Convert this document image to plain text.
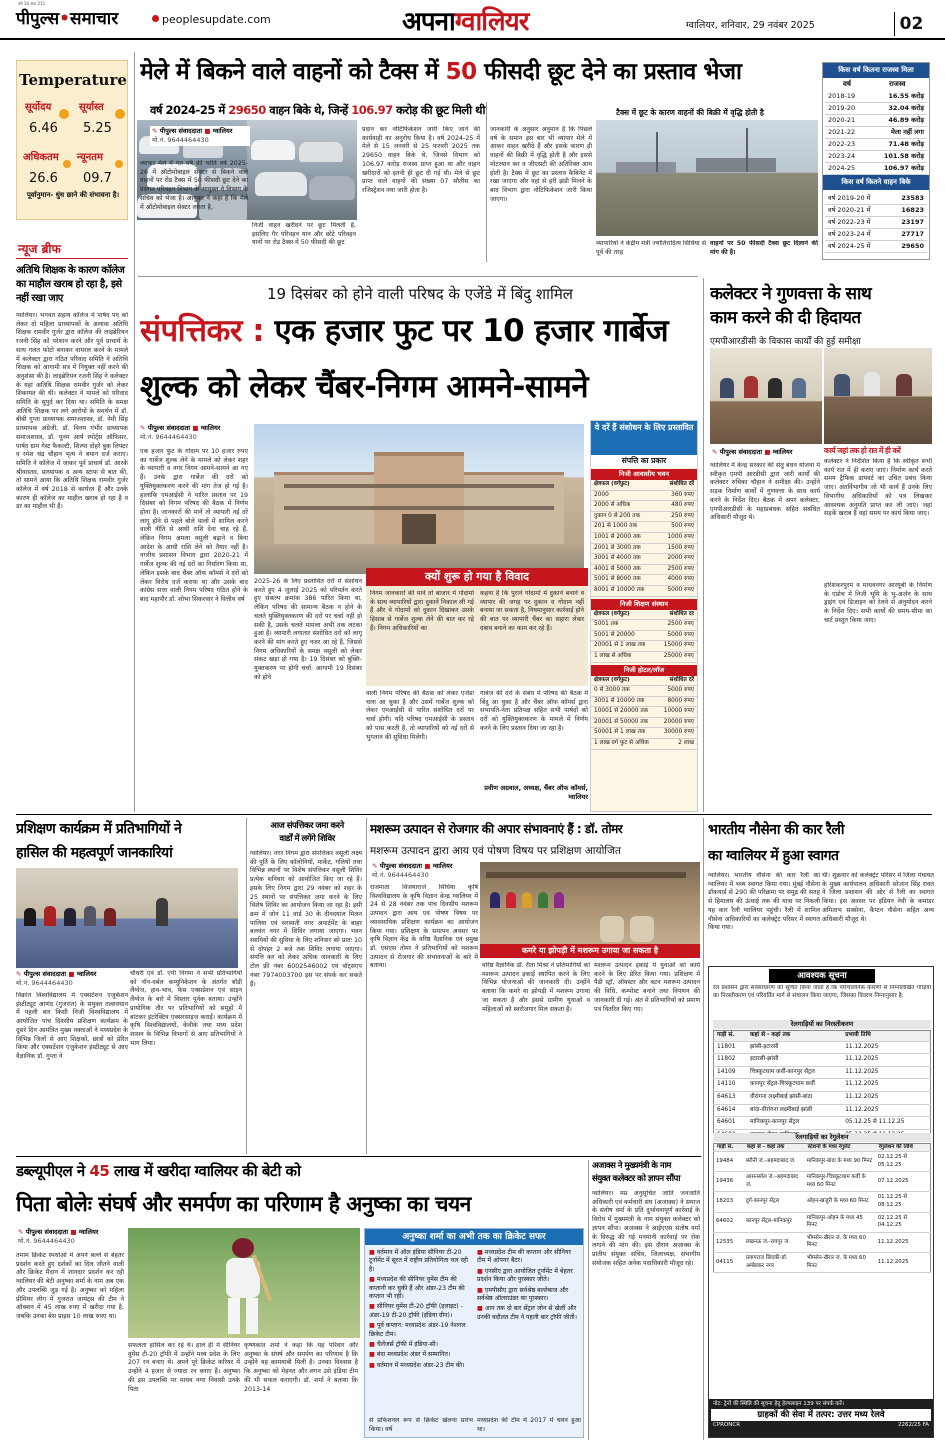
वर्ष 18 अंक 211
पीपुल्स•समाचार	peoplesupdate.com	अपनाग्वालियर	ग्वालियर, शनिवार, 29 नवंबर 2025	02
Temperature
सूर्योदय	सूर्यास्त
6.46 5.25
अधिकतम न्यूनतम
26.6 09.7
पूर्वानुमान- धुंध छाने की संभावना है।
न्यूज ब्रीफ
अतिथि शिक्षक के कारण कॉलेज का माहौल खराब हो रहा है, इसे नहीं रखा जाए
ग्वालियर। भगवत सहाय कॉलेज में पार्षद पद को लेकर दो महिला प्राध्यापकों के अलावा अतिथि शिक्षक रामवीर गुर्जर द्वारा कॉलेज की लाइब्रेरियन रजनी सिंह को परेशान करने और पूर्व प्राचार्य के साथ गलत फोटो बनाकर वायरल करने के मामले में कलेक्टर द्वारा गठित परिवाद समिति ने अतिथि शिक्षक को आगामी सत्र में नियुक्त नहीं करने की अनुशंसा की है। लाइब्रेरियन रजनी सिंह ने कलेक्टर के यहां अतिथि शिक्षक रामवीर गुर्जर को लेकर शिकायत की थी। कलेक्टर ने मामले को परिवाद समिति के सुपुर्द कर दिया था। समिति के समक्ष अतिथि शिक्षक पर लगे आरोपों के समर्थन में डॉ. बीबी गुप्ता प्राध्यापक समाजशास्त्र, डॉ. नेमी सिंह प्राध्यापक अंग्रेजी, डॉ. विनय गंभीर प्राध्यापक समाजशास्त्र, डॉ. पूनम आर्य स्पोर्ट्स ऑफिसर, पार्षद ग्राम गेस्ट फैकल्टी, शिल्पा दोहरे बुक लिफ्टर व रमेश चंद्र चौहान भृत्य ने बयान दर्ज कराए। समिति ने कॉलेज में जाकर पूर्व प्राचार्य डॉ. आरके श्रीवास्तव, प्राध्यापक व अन्य स्टाफ से बात की, तो सामने आया कि अतिथि शिक्षक रामवीर गुर्जर कॉलेज में वर्ष 2018 से कार्यरत हैं और उनके कारण ही कॉलेज का माहौल खराब हो रहा है व डर का माहौल भी है।
मेले में बिकने वाले वाहनों को टैक्स में 50 फीसदी छूट देने का प्रस्ताव भेजा
वर्ष 2024-25 में 29650 वाहन बिके थे, जिन्हें 106.97 करोड़ की छूट मिली थी
✎ पीपुल्स संवाददाता ■ ग्वालियर
मो.नं. 9644464430
व्यापार मेले में गत वर्ष की भांति वर्ष 2025-26 में ऑटोमोबाइल सेक्टर से बिकने वाले वाहनों पर रोड टैक्स में 50 फीसदी छूट देने का प्रस्ताव परिवहन विभाग के आयुक्त ने विभाग के सचिव को भेजा है। आयुक्त ने कहा है कि मेले में ऑटोमोबाइल सेक्टर लगता है,
निजी वाहन खरीदने पर छूट मिलती है, इसलिए गैर परिवहन यान और छोटे परिवहन यानों पर रोड टैक्स में 50 फीसदी की छूट
प्रदान कर नोटिफिकेशन जारी किए जाने की कार्यवाही का अनुरोध किया है। वर्ष 2024-25 में मेले से 15 जनवरी से 25 फरवरी 2025 तक 29650 वाहन बिके थे, जिनसे विभाग को 106.97 करोड़ राजस्व प्राप्त हुआ था और वाहन खरीदारों को इतनी ही छूट दी गई थी। मेले से छूट प्राप्त वाले वाहनों की संख्या 07 सौतीस का रजिस्ट्रेशन नया जारी होता है।
जानकारी के अनुसार अनुमान है कि पिछले वर्ष के समान इस बार भी व्यापार मेले में आकर वाहन खरीदे हैं और इसके कारण ही वाहनों की बिक्री में वृद्धि होती है और इससे मोटरयान कर व जीएसटी की अतिरिक्त आय होती है। टैक्स में छूट का प्रस्ताव कैबिनेट में रखा जाएगा और वहां से हरी झंडी मिलने के बाद विभाग द्वारा नोटिफिकेशन जारी किया जाएगा।
टैक्स में छूट के कारण वाहनों की बिक्री में वृद्धि होती है
व्यापारियों ने केंद्रीय मंत्री ज्योतिरादित्य सिंधिया से पूर्व की तरह
वाहनों पर 50 फीसदी टैक्स छूट दिलाने की मांग की है।
किस वर्ष कितना राजस्व मिला
वर्ष	राजस्व
2018-19	16.55 करोड़
2019-20	32.04 करोड़
2020-21	46.89 करोड़
2021-22	मेला नहीं लगा
2022-23	71.48 करोड़
2023-24	101.58 करोड़
2024-25	106.97 करोड़
किस वर्ष कितने वाहन बिके
वर्ष 2019-20 में	23583
वर्ष 2020-21 में	16823
वर्ष 2022-23 में	23197
वर्ष 2023-24 में	27717
वर्ष 2024-25 में	29650
19 दिसंबर को होने वाली परिषद के एजेंडे में बिंदु शामिल
संपत्तिकर : एक हजार फुट पर 10 हजार गार्बेज
शुल्क को लेकर चैंबर-निगम आमने-सामने
✎ पीपुल्स संवाददाता ■ ग्वालियर
मो.नं. 9644464430
एक हजार फुट के गोदाम पर 10 हजार रुपए का गार्बेज शुल्क लेने के मामले को लेकर शहर के व्यापारी व नगर निगम आमने-सामने आ गए हैं। उनके द्वारा गार्बेज की दरों को युक्तियुक्तकरण करने की मांग तेज हो गई है। हालांकि एमआईसी ने पारित प्रस्ताव पर 19 दिसंबर को निगम परिषद की बैठक में निर्णय होना है। जानकारों की मानें तो व्यापारी नई दरें लागू होने से पहले बोले वालों में शामिल करने वाली नीति से आधी राशि देना चाह रहे हैं, लेकिन निगम अमला वसूली बढ़ाने व बिना आदेश के आधी राशि लेने को तैयार नहीं है। नगरीय प्रशासन विभाग द्वारा 2020-21 में गार्बेज शुल्क की नई दरों का निर्धारण किया था, लेकिन इसके बाद चैंबर ऑफ कॉमर्स ने दरों को लेकर विरोध दर्ज कराया था और उसके बाद कांग्रेस सत्ता वाली निगम परिषद गठित होने के बाद महापौर डॉ. शोभा सिकरवार ने वित्तीय वर्ष
2025-26 के लिए प्रस्तावित दरों में संशोधन करते हुए 4 जुलाई 2025 को परिवर्तन करते हुए संकल्प क्रमांक 386 पारित किया था, लेकिन परिषद की सामान्य बैठक न होने के चलते युक्तियुक्तकरण की दरों पर चर्चा नहीं हो सकी है, उसके चलते मामला अभी तक लटका हुआ है। व्यापारी लगातार संशोधित दरों को लागू करने की मांग करते हुए नजर आ रहे हैं, जिससे निगम अधिकारियों के समक्ष वसूली को लेकर संकट खड़ा हो गया है। 19 दिसंबर को बुक्ति-युक्तकरण पर होगी चर्चा: आगामी 19 दिसंबर को होने
क्यों शुरू हो गया है विवाद
निगम जानकारों की मानें तो बाजार में गोदामों के साथ व्यापारियों द्वारा दुकानें निकाल ली गई हैं और वे गोदामों को दुकान दिखाकर उसके हिसाब से गार्बेज शुल्क लेने की बात कर रहे हैं। निगम अधिकारियों का
कहना है कि पुराने गोदामों में दुकानें बनाने व व्यापार की जगह पर दुकान व गोदाम नहीं बनाया जा सकता है, नियमानुसार कार्रवाई होने की बात पर व्यापारी चैंबर का सहारा लेकर दबाव बनाने का काम कर रहे हैं।
वाली निगम परिषद की बैठक को लेकर एजेंडा चला आ चुका है और उसमें गार्बेज शुल्क को लेकर एमआईसी से पारित संशोधित दरों पर चर्चा होगी। यदि परिषद एमआईसी के प्रस्ताव को पास करती है, तो व्यापारियों को नई दरों से भुगतान की सुविधा मिलेगी।
गार्बेज की दरों के संबंध में परिषद की बैठक में बिंदु आ चुका है और चैंबर ऑफ कॉमर्स द्वारा सभापति-नेता प्रतिपक्ष सहित सभी पार्षदों को दरों को युक्तियुक्तकरण के मामले में निर्णय करने के लिए प्रस्ताव दिया जा रहा है।
प्रवीण अग्रवाल, अध्यक्ष, चैंबर ऑफ कॉमर्स, ग्वालियर
ये दरें हैं संशोधन के लिए प्रस्तावित
संपत्ति का प्रकार
निजी आवासीय भवन
क्षेत्रफल (वर्गफुट)	संशोधित दरें
2000	360 रुपए
2000 से अधिक	480 रुपए
दुकान 0 से 200 तक	250 रुपए
201 से 1000 तक	500 रुपए
1001 से 2000 तक	1000 रुपए
2001 से 3000 तक	1500 रुपए
3001 से 4000 तक	2000 रुपए
4001 से 5000 तक	2500 रुपए
5001 से 8000 तक	4000 रुपए
8001 से 10000 तक	5000 रुपए
निजी शिक्षण संस्थान
क्षेत्रफल (वर्गफुट)	संशोधित दर
5001 तक	2500 रुपए
5001 से 20000	5000 रुपए
20001 से 1 लाख तक	15000 रुपए
1 लाख से अधिक	25000 रुपए
निजी होटल/लॉज
क्षेत्रफल (वर्गफुट)	संशोधित दरें
0 से 3000 तक	5000 रुपए
3001 से 10000 तक	8000 रुपए
10001 से 20000 तक	10000 रुपए
20001 से 50000 तक	20000 रुपए
50001 से 1 लाख तक	30000 रुपए
1 लाख वर्ग फुट से अधिक	2 लाख
कलेक्टर ने गुणवत्ता के साथ
काम करने की दी हिदायत
एमपीआरडीसी के विकास कार्यों की हुई समीक्षा
✎ पीपुल्स संवाददाता ■ ग्वालियर	कार्य जहां तक हो रात में ही करें
कलेक्टर ने निर्देशित किया है कि स्वीकृत सभी कार्य रात में ही कराए जाएं। निर्माण कार्य करते समय ट्रैफिक डायवर्ट का उचित प्रबंध किया जाए। अंतर्विभागीय जो भी कार्य हैं उनके लिए विभागीय अधिकारियों को पत्र लिखकर आवश्यक अनुमति प्राप्त कर ली जाएं। जहां सड़कें खराब हैं वहां समय पर कार्य किया जाए।
ग्वालियर में केन्द्र सरकार की सेतु बंधन योजना में स्वीकृत एमपी आरडीसी द्वारा जारी कार्यों की कलेक्टर रुचिका चौहान ने समीक्षा की। उन्होंने सड़क निर्माण कार्यों में गुणवत्ता के साथ कार्य करने के निर्देश दिए। बैठक में अपर कलेक्टर, एमपीआरडीसी के महाप्रबंधक सहित संबंधित अधिकारी मौजूद थे।
हरिशंकरपुरम व माधवनगर आरयूबी के निर्माण के एप्रोच में निजी भूमि के भू-अर्जन के साथ ड्राइंग एवं डिजाइन को रेलवे से अनुमोदन करने के निर्देश दिए। सभी कार्यों की समय-सीमा का चार्ट प्रस्तुत किया जाए।
प्रशिक्षण कार्यक्रम में प्रतिभागियों ने
हासिल की महत्वपूर्ण जानकारियां
✎ पीपुल्स संवाददाता ■ ग्वालियर
मो.नं. 9644464430
विक्रांत विश्वविद्यालय में एक्सटेंशन एजुकेशन इंस्टीट्यूट आणंद (गुजरात) के संयुक्त तत्वावधान में पहली बार किसी निजी विश्वविद्यालय में आयोजित पांच दिवसीय प्रशिक्षण कार्यक्रम के दूसरे दिन आमंत्रित मुख्य वक्ताओं ने मध्यप्रदेश के विभिन्न जिलों से आए शिक्षकों, छात्रों को प्रेरित किया और एक्सटेंशन एजुकेशन इंस्टीट्यूट से आए वैज्ञानिक डॉ. गुप्ता ने
चौधरी एवं डॉ. एपी निगमा ने सभी प्रतिभागियों को नॉन-वर्बल कम्युनिकेशन के अंतर्गत बॉडी लैंग्वेज, हाव-भाव, फेस एक्सप्रेशन एवं साइन लैंग्वेज के बारे में विस्तार पूर्वक बताया। उन्होंने प्रायोगिक तौर पर प्रतिभागियों को समूहों में बांटकर इंटरेक्टिव एक्सरसाइज कराईं। कार्यक्रम में कृषि विश्वविद्यालयों, केवीके तथा मध्य प्रदेश शासन के विभिन्न विभागों से आए प्रतिभागियों ने भाग लिया।
आज संपत्तिकर जमा करने
वार्डों में लगेंगे शिविर
ग्वालियर। नगर निगम द्वारा संपत्तिकर वसूली लक्ष्य की पूर्ति के लिए कॉलोनियों, मार्केट, गलियों तथा विभिन्न स्थानों पर विशेष संपत्तिकर वसूली शिविर प्रत्येक शनिवार को आयोजित किए जा रहे हैं। इसके लिए निगम द्वारा 29 नवंबर को शहर के 25 स्थानों पर संपत्तिकर जमा करने के लिए विशेष शिविर का आयोजन किया जा रहा है। इसी क्रम में जोन 11 वार्ड 30 के दीनदयाल मिलन पालिया एवं सरस्वती नगर अपार्टमेंट के बाहर बलवंत नगर में शिविर लगाया जाएगा। भवन स्वामियों की सुविधा के लिए शनिवार को प्रातः 10 से दोपहर 2 बजे तक शिविर लगाया जाएगा। संपत्ति कर को लेकर अधिक जानकारी के लिए टोल फ्री नंबर 6002546002 एवं वॉट्सएप नंबर 7974003700 इस पर संपर्क कर सकते हैं।
मशरूम उत्पादन से रोजगार की अपार संभावनाएं हैं : डॉ. तोमर
मशरूम उत्पादन द्वारा आय एवं पोषण विषय पर प्रशिक्षण आयोजित
✎ पीपुल्स संवाददाता ■ ग्वालियर
मो.नं. 9644464430
कमरे या झोपड़ी में मशरूम उगाया जा सकता है
राजमाता विजयाराजे सिंधिया कृषि विश्वविद्यालय के कृषि विज्ञान केन्द्र ग्वालियर में 24 से 28 नवंबर तक पांच दिवसीय मशरूम उत्पादन द्वारा आय एवं पोषण विषय पर व्यावसायिक प्रशिक्षण कार्यक्रम का आयोजन किया गया। प्रशिक्षण के समापन अवसर पर कृषि विज्ञान केंद्र के वरिष्ठ वैज्ञानिक एवं प्रमुख डॉ. एसएस तोमर ने प्रतिभागियों को मशरूम उत्पादन से रोजगार की संभावनाओं के बारे में बताया।	वरिष्ठ वैज्ञानिक डॉ. रीता मिश्रा ने प्रतिभागियों को मशरूम उत्पादन इकाई स्थापित करने के लिए विभिन्न योजनाओं की जानकारी दी। उन्होंने बताया कि कमरे या झोपड़ी में मशरूम उगाया जा सकता है और इससे ग्रामीण युवाओं व महिलाओं को स्वरोजगार मिल सकता है।
मशरूम उत्पादन इकाई में युवाओं को कार्य करने के लिए प्रेरित किया गया। प्रशिक्षण में पैडी स्ट्रॉ, ऑयस्टर और बटन मशरूम उत्पादन की विधि, कम्पोस्ट बनाने तथा विपणन की जानकारी दी गई। अंत में प्रतिभागियों को प्रमाण पत्र वितरित किए गए।
भारतीय नौसेना की कार रैली
का ग्वालियर में हुआ स्वागत
ग्वालियर। भारतीय नौसेना की कार रैली का ग्वालियर में भव्य स्वागत किया गया। मुंबई नौसेना डॉकयार्ड से 290 की परिक्रमा पर समुद्र की सतह से हिमालय की ऊंचाई तक की यात्रा पर निकली यह कार रैली ग्वालियर पहुंची। रैली में शामिल नौसेना अधिकारियों का कलेक्ट्रेट परिसर में स्वागत किया गया।
थी। शुक्रवार को कलेक्ट्रेट परिसर में जिला पंचायत के मुख्य कार्यपालन अधिकारी सोजान सिंह रावत ने जिला प्रशासन की ओर से रैली का स्वागत किया। इस अवसर पर इंडियन नेवी के कमांडर अमिताभ सक्सेना, कैप्टन नौसेना सहित अन्य अधिकारी मौजूद थे।
आवश्यक सूचना
रेल प्रशासन द्वारा सर्वसाधारण को सूचित किया जाता है कि परिचालनिक कारणों से निम्नलिखित गाड़ियों का निरस्तीकरण एवं परिवर्तित मार्ग से संचालन किया जाएगा, जिसका विवरण निम्नानुसार है:
रेलगाड़ियों का निरस्तीकरण
गाड़ी सं.	कहां से - कहां तक	प्रभावी तिथि
11801	झांसी-इटारसी	11.12.2025
11802	इटारसी-झांसी	11.12.2025
14109	चित्रकूटधाम कर्वी-कानपुर सेंट्रल	11.12.2025
14110	कानपुर सेंट्रल-चित्रकूटधाम कर्वी	11.12.2025
64613	वीरांगना लक्ष्मीबाई झांसी-बांदा	11.12.2025
64614	बांदा-वीरांगना लक्ष्मीबाई झांसी	11.12.2025
64601	मानिकपुर-कानपुर सेंट्रल	05.12.25 से 11.12.25

रेलगाड़ियों का रेगुलेशन
गाड़ी सं.	कहां से - कहां तक	स्टेशनों के मध्य रेगुलेट	रेगुलेशन की तिथि
19484	बरौनी जं.-अहमदाबाद जं.	मानिकपुर-बांदा के मध्य 90 मिनट	02.12.25 से 05.12.25
19436	आसनसोल जं.-अहमदाबाद जं.	मानिकपुर-चित्रकूटधाम कर्वी के मध्य 60 मिनट	07.12.2025
18203	दुर्ग-कानपुर सेंट्रल	ओहन-खजुरी के मध्य 60 मिनट	01.12.25 से 08.12.25
64602	कानपुर सेंट्रल-मानिकपुर	मानिकपुर-ओहन के मध्य 45 मिनट	02.12.25 से 04.12.25
12535	लखनऊ जं.-रायपुर जं.	भीमसेन-खैरार जं. के मध्य 60 मिनट	11.12.2025
04115	प्रयागराज छिवकी-डॉ. अम्बेडकर नगर	भीमसेन-खैरार जं. के मध्य 60 मिनट	11.12.2025
नोट: ट्रेनों की स्थिति की सूचना हेतु हेल्पलाइन 139 पर संपर्क करें।
ग्राहकों की सेवा में तत्पर: उत्तर मध्य रेलवे
CPRONCR	2262/25 FA
डब्ल्यूपीएल ने 45 लाख में खरीदा ग्वालियर की बेटी को
पिता बोलेः संघर्ष और समर्पण का परिणाम है अनुष्का का चयन
✎ पीपुल्स संवाददाता ■ ग्वालियर
मो.नं. 9644464430
तमाम क्रिकेट स्पर्धाओं में अपने बल्ले से बेहतर प्रदर्शन करते हुए दर्शकों का दिल जीतने वाली और क्रिकेट मैदान में शानदार प्रदर्शन कर रही ग्वालियर की बेटी अनुष्का शर्मा के नाम अब एक और उपलब्धि जुड़ गई है। अनुष्का को महिला प्रीमियर लीग में गुजरात जायंट्स की टीम ने ऑक्शन में 45 लाख रुपए में खरीदा गया है, जबकि उनका बेस प्राइस 10 लाख रुपए था।
सफलता हासिल कर रहे थे। हाल ही में सीनियर वुमेंस टी-20 ट्रॉफी में उन्होंने मध्य प्रदेश के लिए 207 रन बनाए थे। अपने पूरे क्रिकेट करियर में उन्होंने 4 हजार से ज्यादा रन बनाए हैं। अनुष्का की इस उपलब्धि पर माधव नगर निवासी उनके पिता
कृष्णकांत शर्मा ने कहा कि यह परिवार और अनुष्का के संघर्ष और समर्पण का परिणाम है कि उन्होंने यह कामयाबी मिली है। उनका विश्वास है कि अनुष्का को मेहनत और लगन उसे इंडिया टीम की भी सफल कराएगी। डॉ. शर्मा ने बताया कि 2013-14
अनुष्का शर्मा का अभी तक का क्रिकेट सफर
■ वर्तमान में ऑल इंडिया सीनियर टी-20 टूर्नामेंट में सूरत में राष्ट्रीय प्रतियोगिता चल रही है।
■ मध्यप्रदेश की सीनियर वुमेंस टीम की कप्तानी कर चुकी हैं और अंडर-23 टीम की कप्तान भी रहीं।
■ सीनियर वुमेंस टी-20 ट्रॉफी (इलाइट) - अंडर-19 टी-20 ट्रॉफी (इंडिया ग्रीन)।
■ पूर्व कप्तान: मध्यप्रदेश अंडर-19 नेशनल क्रिकेट टीम।
■ चैलेंजर्स ट्रॉफी में इंडिया-सी।
■ बंदा मध्यप्रदेश अंडर में सम्मानित।
■ वर्तमान में मध्यप्रदेश अंडर-23 टीम की।
■ मध्यप्रदेश टीम की कप्तान और सीनियर टीम में ओपनर बैटर।
■ एनसीए द्वारा आयोजित टूर्नामेंट में बेहतर प्रदर्शन किया और पुरस्कार जीते।
■ एमपीसीए द्वारा सर्वश्रेष्ठ बल्लेबाज और सर्वश्रेष्ठ ऑलराउंडर का पुरस्कार।
■ आप तक दो बार सेंट्रल जोन से खेलीं और उनकी बदौलत टीम ने पहली बार ट्रॉफी जीती।
से प्रोफेशनल रूप से क्रिकेट खेलना प्रारंभ किया। वर्ष
मध्यप्रदेश की टीम में 2017 में चयन हुआ था।
अजाक्स ने मुख्यमंत्री के नाम
संयुक्त कलेक्टर को ज्ञापन सौंपा
ग्वालियर। मप्र अनुसूचित जाति जनजाति अधिकारी एवं कर्मचारी संघ (अजाक्स) ने समाज के संतोष वर्मा के प्रति दुर्भावनापूर्ण कार्रवाई के विरोध में मुख्यमंत्री के नाम संयुक्त कलेक्टर को ज्ञापन सौंपा। अजाक्स ने आईएएस संतोष वर्मा के विरुद्ध की गई मनमानी कार्रवाई पर रोक लगाने की मांग की। इस दौरान अजाक्स के प्रांतीय संयुक्त सचिव, जिलाध्यक्ष, संभागीय संयोजक सहित अनेक पदाधिकारी मौजूद रहे।
